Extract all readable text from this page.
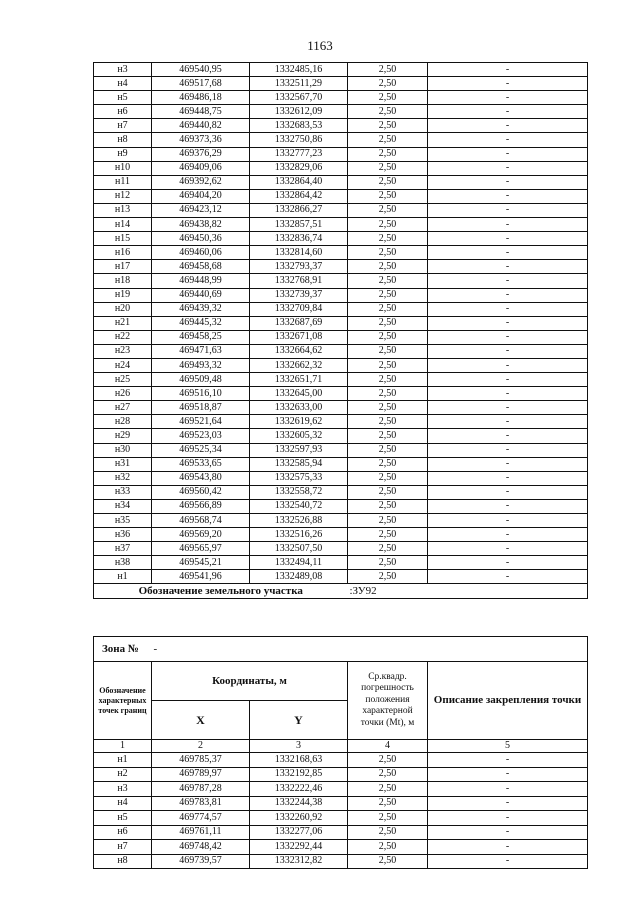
1163
н3	469540,95	1332485,16	2,50	-
н4	469517,68	1332511,29	2,50	-
н5	469486,18	1332567,70	2,50	-
н6	469448,75	1332612,09	2,50	-
н7	469440,82	1332683,53	2,50	-
н8	469373,36	1332750,86	2,50	-
н9	469376,29	1332777,23	2,50	-
н10	469409,06	1332829,06	2,50	-
н11	469392,62	1332864,40	2,50	-
н12	469404,20	1332864,42	2,50	-
н13	469423,12	1332866,27	2,50	-
н14	469438,82	1332857,51	2,50	-
н15	469450,36	1332836,74	2,50	-
н16	469460,06	1332814,60	2,50	-
н17	469458,68	1332793,37	2,50	-
н18	469448,99	1332768,91	2,50	-
н19	469440,69	1332739,37	2,50	-
н20	469439,32	1332709,84	2,50	-
н21	469445,32	1332687,69	2,50	-
н22	469458,25	1332671,08	2,50	-
н23	469471,63	1332664,62	2,50	-
н24	469493,32	1332662,32	2,50	-
н25	469509,48	1332651,71	2,50	-
н26	469516,10	1332645,00	2,50	-
н27	469518,87	1332633,00	2,50	-
н28	469521,64	1332619,62	2,50	-
н29	469523,03	1332605,32	2,50	-
н30	469525,34	1332597,93	2,50	-
н31	469533,65	1332585,94	2,50	-
н32	469543,80	1332575,33	2,50	-
н33	469560,42	1332558,72	2,50	-
н34	469566,89	1332540,72	2,50	-
н35	469568,74	1332526,88	2,50	-
н36	469569,20	1332516,26	2,50	-
н37	469565,97	1332507,50	2,50	-
н38	469545,21	1332494,11	2,50	-
н1	469541,96	1332489,08	2,50	-
Обозначение земельного участка			:ЗУ92	
Зона №	-			
Обозначение характерных точек границ	Координаты, м		Ср.квадр. погрешность положения характерной точки (Мt), м	Описание закрепления точки
	X	Y		
1	2	3	4	5
н1	469785,37	1332168,63	2,50	-
н2	469789,97	1332192,85	2,50	-
н3	469787,28	1332222,46	2,50	-
н4	469783,81	1332244,38	2,50	-
н5	469774,57	1332260,92	2,50	-
н6	469761,11	1332277,06	2,50	-
н7	469748,42	1332292,44	2,50	-
н8	469739,57	1332312,82	2,50	-
